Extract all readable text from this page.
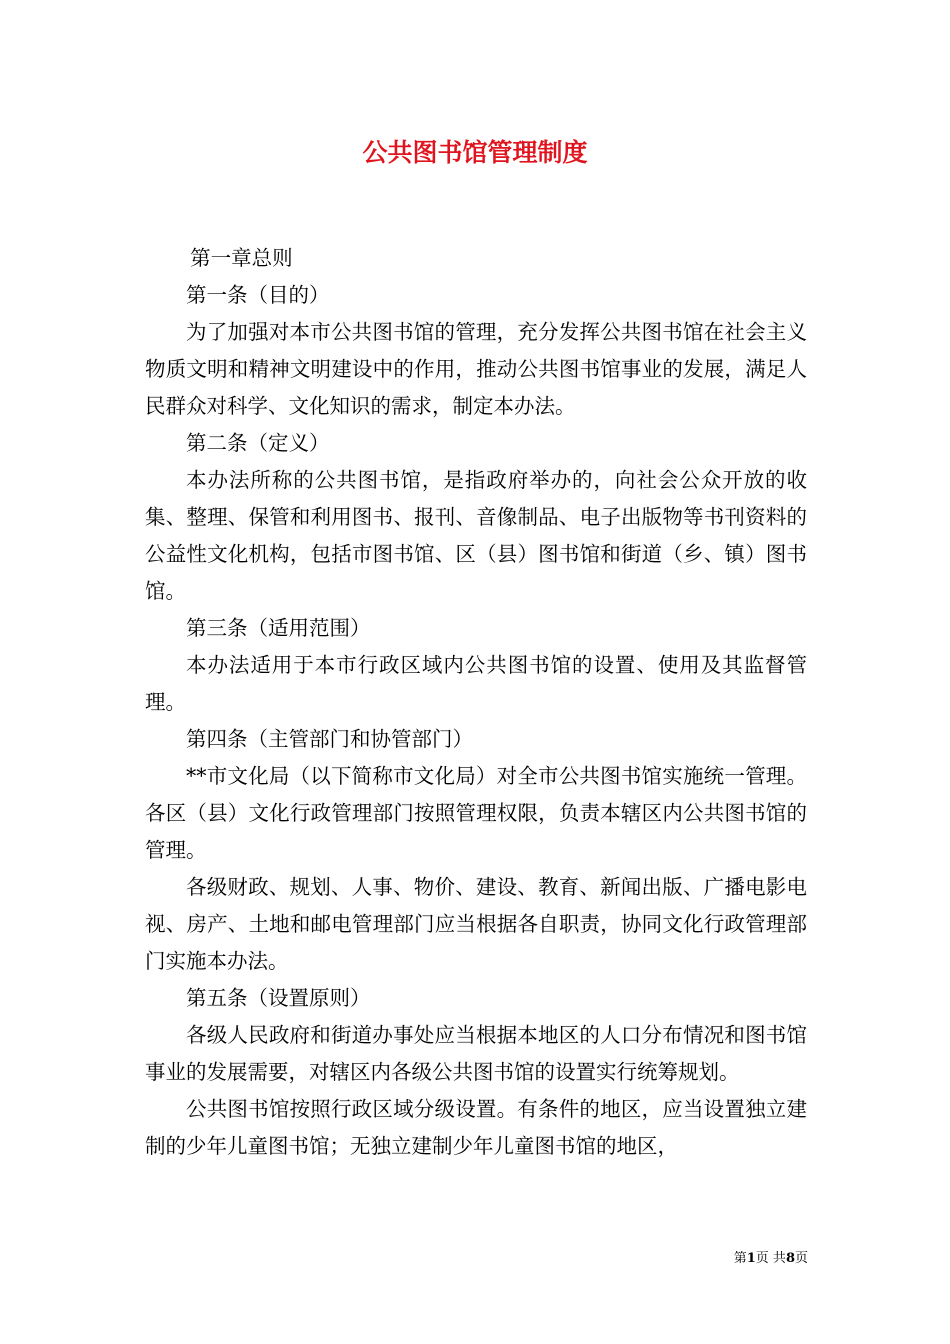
公共图书馆管理制度

第一章总则

第一条（目的）

为了加强对本市公共图书馆的管理，充分发挥公共图书馆在社会主义物质文明和精神文明建设中的作用，推动公共图书馆事业的发展，满足人民群众对科学、文化知识的需求，制定本办法。

第二条（定义）

本办法所称的公共图书馆，是指政府举办的，向社会公众开放的收集、整理、保管和利用图书、报刊、音像制品、电子出版物等书刊资料的公益性文化机构，包括市图书馆、区（县）图书馆和街道（乡、镇）图书馆。

第三条（适用范围）

本办法适用于本市行政区域内公共图书馆的设置、使用及其监督管理。

第四条（主管部门和协管部门）

**市文化局（以下简称市文化局）对全市公共图书馆实施统一管理。各区（县）文化行政管理部门按照管理权限，负责本辖区内公共图书馆的管理。

各级财政、规划、人事、物价、建设、教育、新闻出版、广播电影电视、房产、土地和邮电管理部门应当根据各自职责，协同文化行政管理部门实施本办法。

第五条（设置原则）

各级人民政府和街道办事处应当根据本地区的人口分布情况和图书馆事业的发展需要，对辖区内各级公共图书馆的设置实行统筹规划。

公共图书馆按照行政区域分级设置。有条件的地区，应当设置独立建制的少年儿童图书馆；无独立建制少年儿童图书馆的地区，

第1页 共8页
